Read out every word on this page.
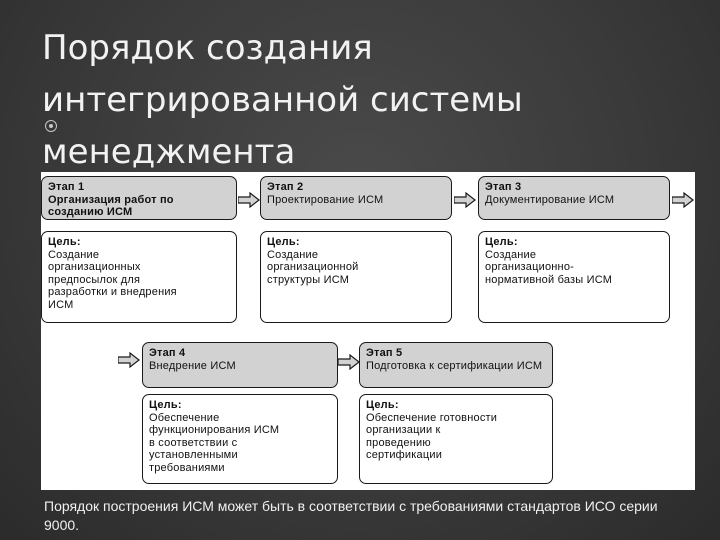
Порядок создания
интегрированной системы
менеджмента
Этап 1
Организация работ по созданию ИСМ
Цель:
Создание
организационных
предпосылок для
разработки и внедрения
ИСМ
Этап 2
Проектирование ИСМ
Цель:
Создание
организационной
структуры ИСМ
Этап 3
Документирование ИСМ
Цель:
Создание
организационно-
нормативной базы ИСМ
Этап 4
Внедрение ИСМ
Цель:
Обеспечение
функционирования ИСМ
в соответствии с
установленными
требованиями
Этап 5
Подготовка к сертификации ИСМ
Цель:
Обеспечение готовности
организации к
проведению
сертификации

Порядок построения ИСМ может быть в соответствии с требованиями стандартов ИСО серии 9000.
